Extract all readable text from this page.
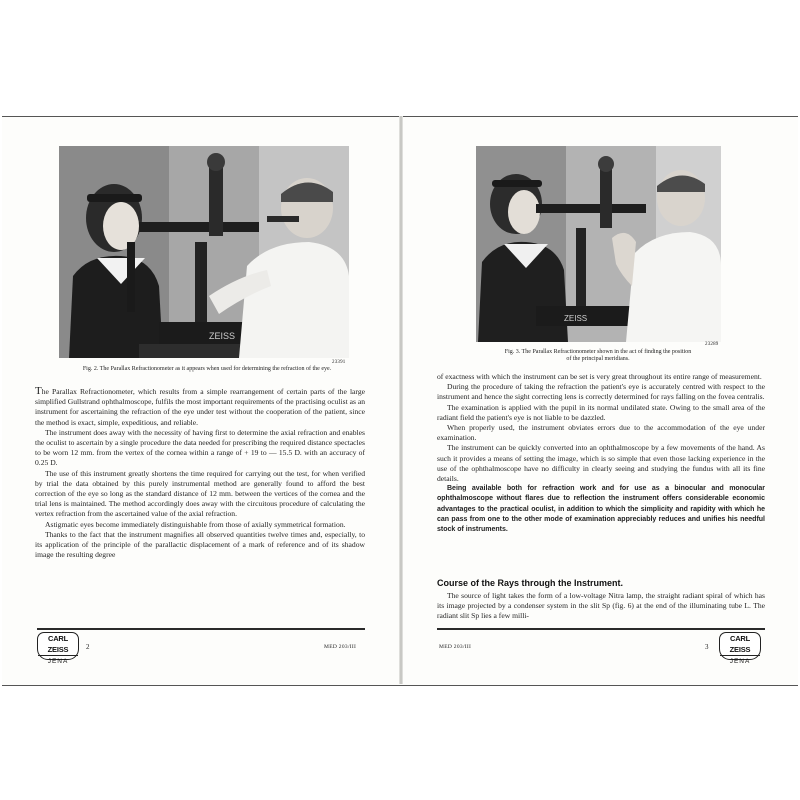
ZEISS
23391
Fig. 2. The Parallax Refractionometer as it appears when used for determining the refraction of the eye.

The Parallax Refractionometer, which results from a simple rearrangement of certain parts of the large simplified Gullstrand ophthalmoscope, fulfils the most important requirements of the practising oculist as an instrument for ascertaining the refraction of the eye under test without the cooperation of the patient, since the method is exact, simple, expeditious, and reliable.

The instrument does away with the necessity of having first to determine the axial refraction and enables the oculist to ascertain by a single procedure the data needed for prescribing the required distance spectacles to be worn 12 mm. from the vertex of the cornea within a range of + 19 to — 15.5 D. with an accuracy of 0.25 D.

The use of this instrument greatly shortens the time required for carrying out the test, for when verified by trial the data obtained by this purely instrumental method are generally found to afford the best correction of the eye so long as the standard distance of 12 mm. between the vertices of the cornea and the trial lens is maintained. The method accordingly does away with the circuitous procedure of calculating the vertex refraction from the ascertained value of the axial refraction.

Astigmatic eyes become immediately distinguishable from those of axially symmetrical formation.

Thanks to the fact that the instrument magnifies all observed quantities twelve times and, especially, to its application of the principle of the parallactic displacement of a mark of reference and of its shadow image the resulting degree

CARL ZEISS
JENA
2	MED 203/III
ZEISS
23289
Fig. 3. The Parallax Refractionometer shown in the act of finding the position
of the principal meridians.

of exactness with which the instrument can be set is very great throughout its entire range of measurement.

During the procedure of taking the refraction the patient's eye is accurately centred with respect to the instrument and hence the sight correcting lens is correctly determined for rays falling on the fovea centralis.

The examination is applied with the pupil in its normal undilated state. Owing to the small area of the radiant field the patient's eye is not liable to be dazzled.

When properly used, the instrument obviates errors due to the accommodation of the eye under examination.

The instrument can be quickly converted into an ophthalmoscope by a few movements of the hand. As such it provides a means of setting the image, which is so simple that even those lacking experience in the use of the ophthalmoscope have no difficulty in clearly seeing and studying the fundus with all its fine details.

Being available both for refraction work and for use as a binocular and monocular ophthalmoscope without flares due to reflection the instrument offers considerable economic advantages to the practical oculist, in addition to which the simplicity and rapidity with which he can pass from one to the other mode of examination appreciably reduces and unifies his needful stock of instruments.

Course of the Rays through the Instrument.

The source of light takes the form of a low-voltage Nitra lamp, the straight radiant spiral of which has its image projected by a condenser system in the slit Sp (fig. 6) at the end of the illuminating tube L. The radiant slit Sp lies a few milli-

MED 203/III	3
CARL ZEISS
JENA
